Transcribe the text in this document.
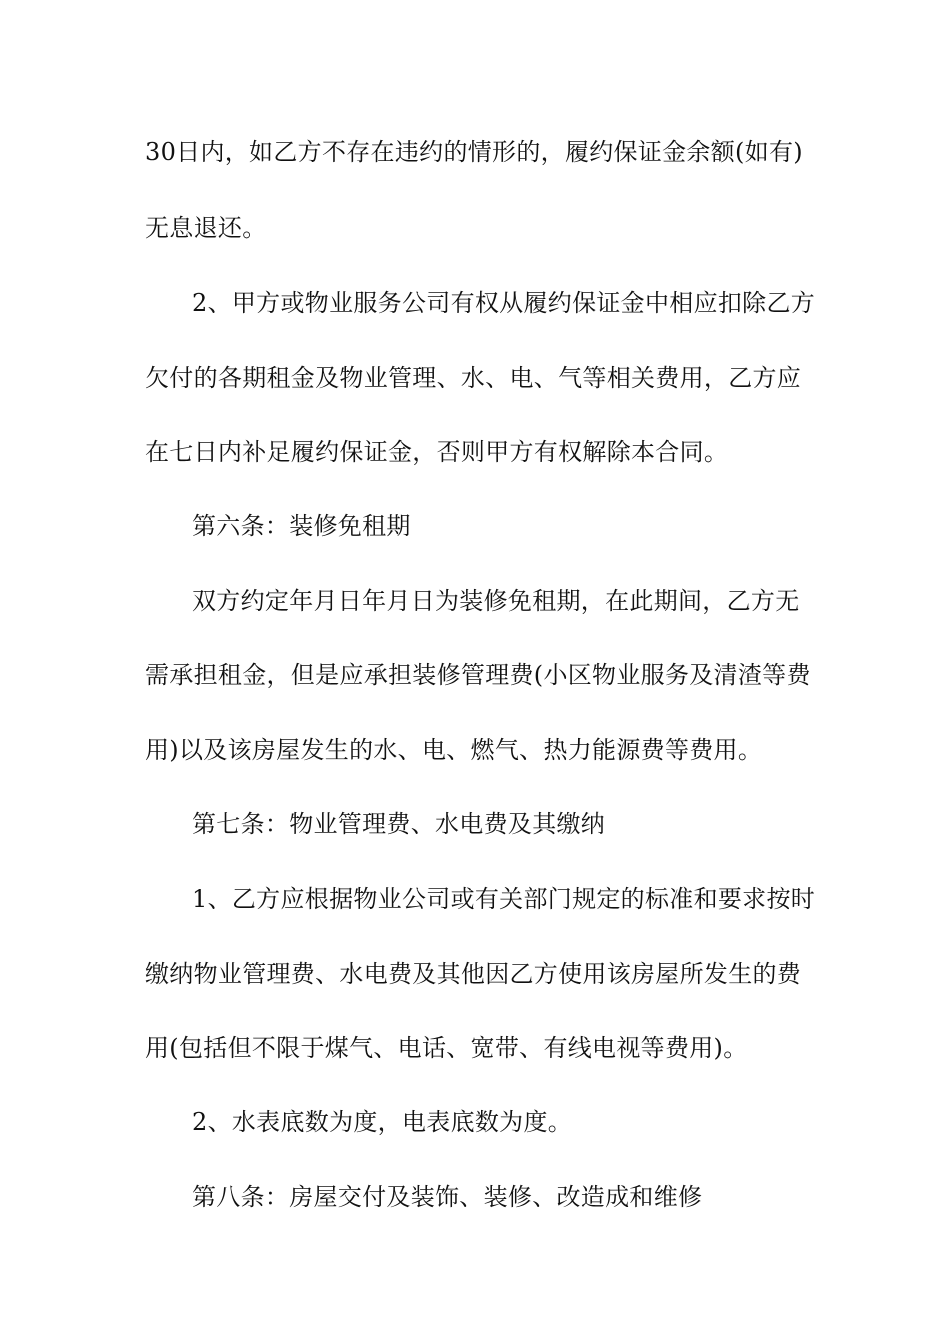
30日内，如乙方不存在违约的情形的，履约保证金余额(如有)
无息退还。
2、甲方或物业服务公司有权从履约保证金中相应扣除乙方
欠付的各期租金及物业管理、水、电、气等相关费用，乙方应
在七日内补足履约保证金，否则甲方有权解除本合同。
第六条：装修免租期
双方约定年月日年月日为装修免租期，在此期间，乙方无
需承担租金，但是应承担装修管理费(小区物业服务及清渣等费
用)以及该房屋发生的水、电、燃气、热力能源费等费用。
第七条：物业管理费、水电费及其缴纳
1、乙方应根据物业公司或有关部门规定的标准和要求按时
缴纳物业管理费、水电费及其他因乙方使用该房屋所发生的费
用(包括但不限于煤气、电话、宽带、有线电视等费用)。
2、水表底数为度，电表底数为度。
第八条：房屋交付及装饰、装修、改造成和维修
